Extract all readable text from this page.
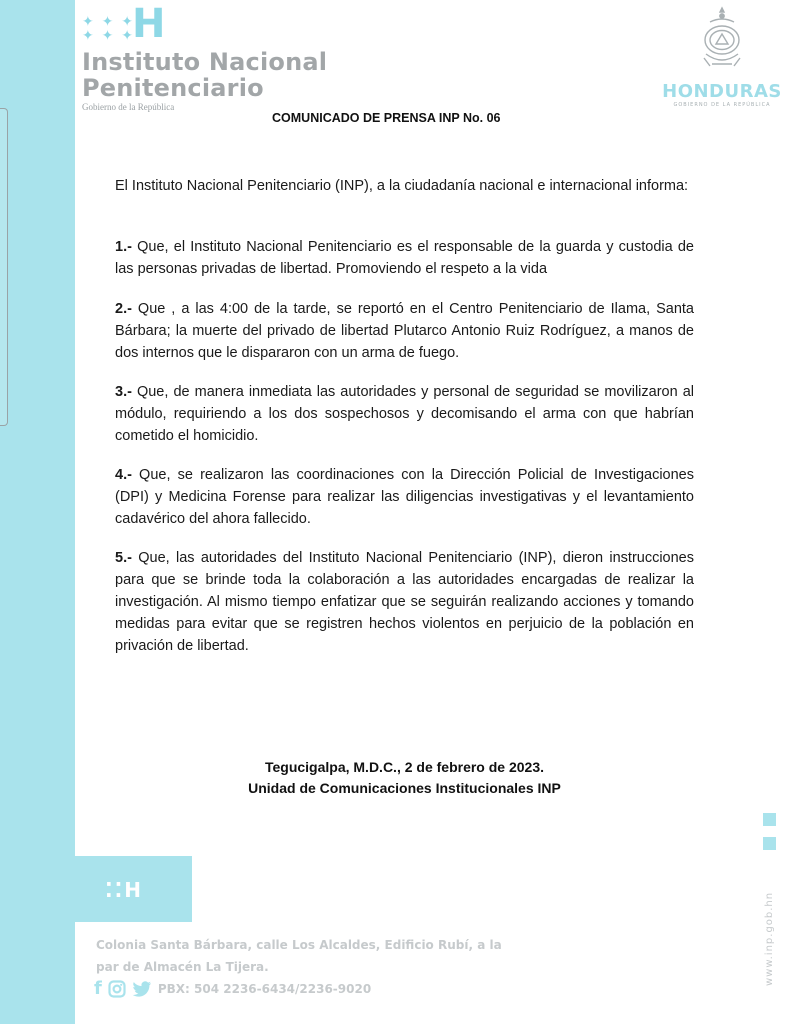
✦ ✦ ✦
✦ ✦ ✦
H
Instituto Nacional
Penitenciario
Gobierno de la República
HONDURAS
GOBIERNO DE LA REPÚBLICA
COMUNICADO DE PRENSA INP No. 06
El Instituto Nacional Penitenciario (INP), a la ciudadanía nacional e internacional informa:
1.- Que, el Instituto Nacional Penitenciario es el responsable de la guarda y custodia de las personas privadas de libertad. Promoviendo el respeto a la vida
2.- Que , a las 4:00 de la tarde, se reportó en el Centro Penitenciario de Ilama, Santa Bárbara; la muerte del privado de libertad Plutarco Antonio Ruiz Rodríguez, a manos de dos internos que le dispararon con un arma de fuego.
3.- Que, de manera inmediata las autoridades y personal de seguridad se movilizaron al módulo, requiriendo a los dos sospechosos y decomisando el arma con que habrían cometido el homicidio.
4.- Que, se realizaron las coordinaciones con la Dirección Policial de Investigaciones (DPI) y Medicina Forense para realizar las diligencias investigativas y el levantamiento cadavérico del ahora fallecido.
5.- Que, las autoridades del Instituto Nacional Penitenciario (INP), dieron instrucciones para que se brinde toda la colaboración a las autoridades encargadas de realizar la investigación. Al mismo tiempo enfatizar que se seguirán realizando acciones y tomando medidas para evitar que se registren hechos violentos en perjuicio de la población en privación de libertad.
Tegucigalpa, M.D.C., 2 de febrero de 2023.
Unidad de Comunicaciones Institucionales INP
⁚⁚H
Colonia Santa Bárbara, calle Los Alcaldes, Edificio Rubí, a la
par de Almacén La Tijera.
f	PBX: 504 2236-6434/2236-9020
www.inp.gob.hn
